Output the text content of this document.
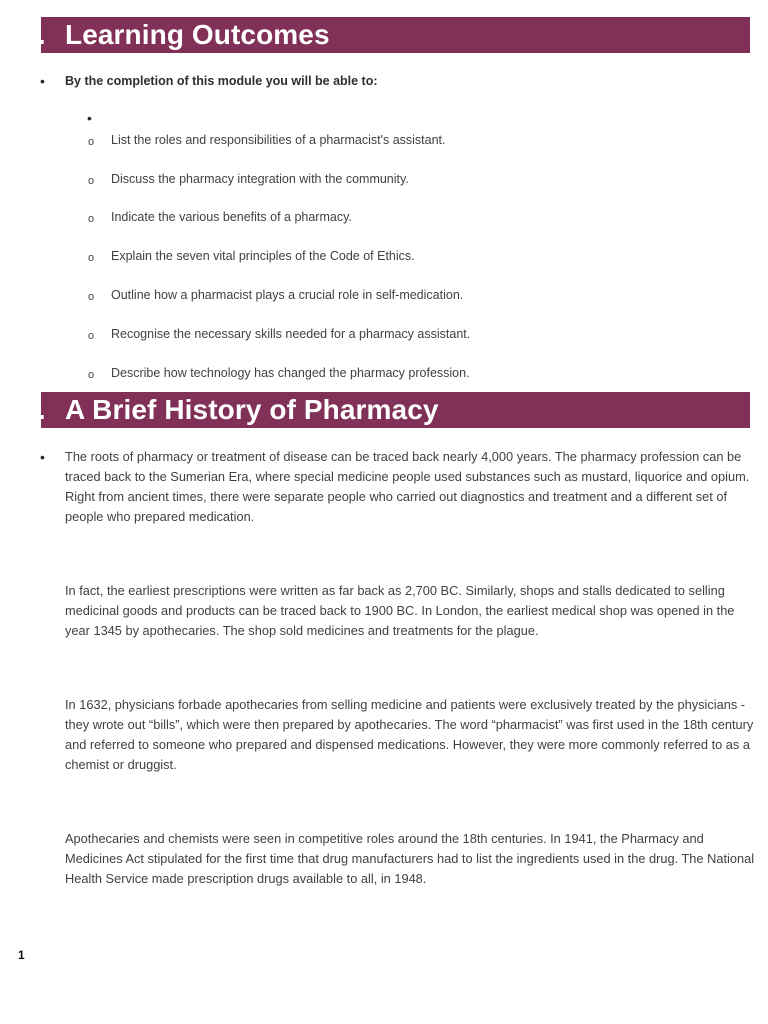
. Learning Outcomes
• By the completion of this module you will be able to:
•
o List the roles and responsibilities of a pharmacist's assistant.
o Discuss the pharmacy integration with the community.
o Indicate the various benefits of a pharmacy.
o Explain the seven vital principles of the Code of Ethics.
o Outline how a pharmacist plays a crucial role in self-medication.
o Recognise the necessary skills needed for a pharmacy assistant.
o Describe how technology has changed the pharmacy profession.
. A Brief History of Pharmacy
• The roots of pharmacy or treatment of disease can be traced back nearly 4,000 years. The pharmacy profession can be traced back to the Sumerian Era, where special medicine people used substances such as mustard, liquorice and opium. Right from ancient times, there were separate people who carried out diagnostics and treatment and a different set of people who prepared medication.

In fact, the earliest prescriptions were written as far back as 2,700 BC. Similarly, shops and stalls dedicated to selling medicinal goods and products can be traced back to 1900 BC. In London, the earliest medical shop was opened in the year 1345 by apothecaries. The shop sold medicines and treatments for the plague.

In 1632, physicians forbade apothecaries from selling medicine and patients were exclusively treated by the physicians - they wrote out “bills”, which were then prepared by apothecaries. The word “pharmacist” was first used in the 18th century and referred to someone who prepared and dispensed medications. However, they were more commonly referred to as a chemist or druggist.

Apothecaries and chemists were seen in competitive roles around the 18th centuries. In 1941, the Pharmacy and Medicines Act stipulated for the first time that drug manufacturers had to list the ingredients used in the drug. The National Health Service made prescription drugs available to all, in 1948.

1
